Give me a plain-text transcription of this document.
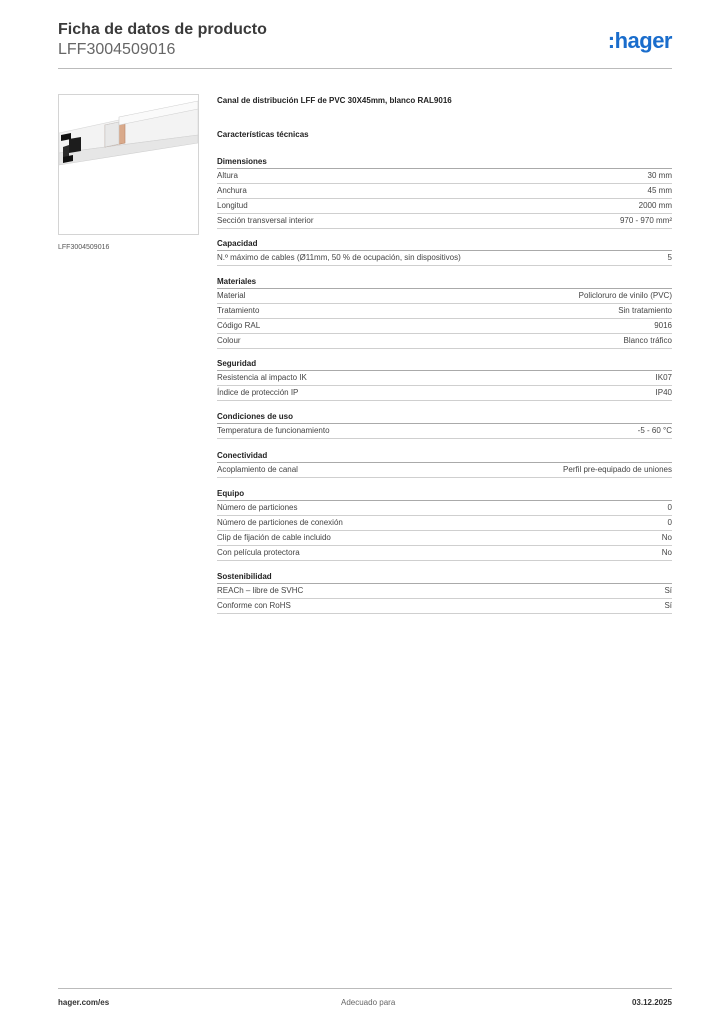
Ficha de datos de producto

LFF3004509016	:hager
LFF3004509016

Canal de distribución LFF de PVC 30X45mm, blanco RAL9016

Características técnicas

Dimensiones
Altura	30 mm
Anchura	45 mm
Longitud	2000 mm
Sección transversal interior	970 - 970 mm²
Capacidad
N.º máximo de cables (Ø11mm, 50 % de ocupación, sin dispositivos)	5
Materiales
Material	Policloruro de vinilo (PVC)
Tratamiento	Sin tratamiento
Código RAL	9016
Colour	Blanco tráfico
Seguridad
Resistencia al impacto IK	IK07
Índice de protección IP	IP40
Condiciones de uso
Temperatura de funcionamiento	-5 - 60 °C
Conectividad
Acoplamiento de canal	Perfil pre-equipado de uniones
Equipo
Número de particiones	0
Número de particiones de conexión	0
Clip de fijación de cable incluido	No
Con película protectora	No
Sostenibilidad
REACh – libre de SVHC	Sí
Conforme con RoHS	Sí
hager.com/es	Adecuado para	03.12.2025
